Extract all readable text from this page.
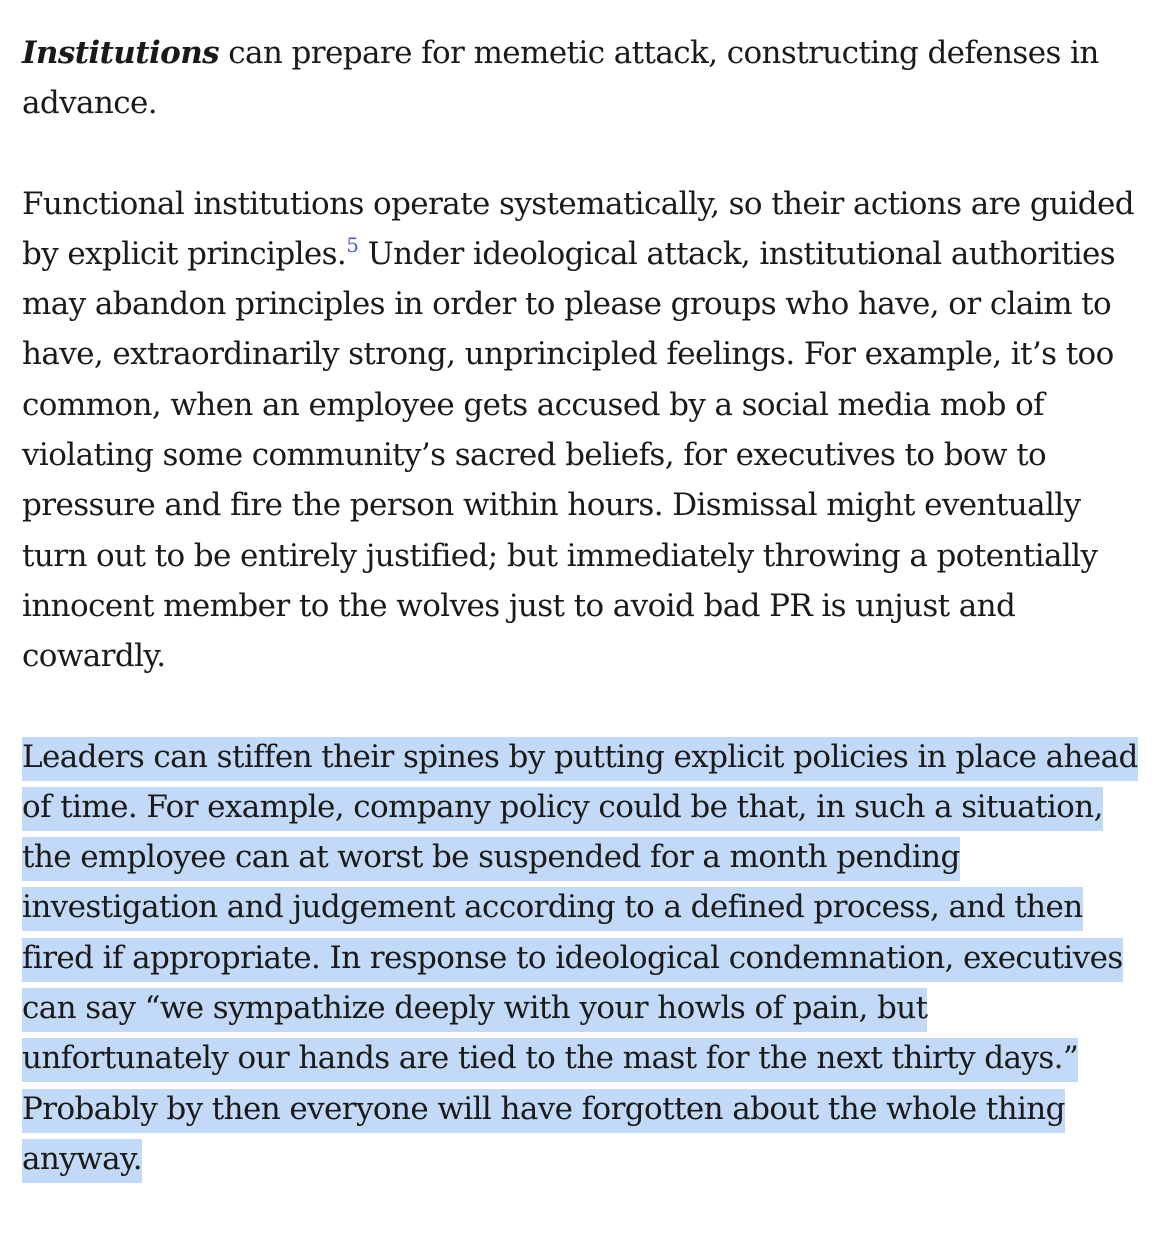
Institutions can prepare for memetic attack, constructing defenses in advance.

Functional institutions operate systematically, so their actions are guided by explicit principles.$^5$ Under ideological attack, institutional authorities may abandon principles in order to please groups who have, or claim to have, extraordinarily strong, unprincipled feelings. For example, it’s too common, when an employee gets accused by a social media mob of violating some community’s sacred beliefs, for executives to bow to pressure and fire the person within hours. Dismissal might eventually turn out to be entirely justified; but immediately throwing a potentially innocent member to the wolves just to avoid bad PR is unjust and cowardly.

Leaders can stiffen their spines by putting explicit policies in place ahead of time. For example, company policy could be that, in such a situation, the employee can at worst be suspended for a month pending investigation and judgement according to a defined process, and then fired if appropriate. In response to ideological condemnation, executives can say “we sympathize deeply with your howls of pain, but unfortunately our hands are tied to the mast for the next thirty days.” Probably by then everyone will have forgotten about the whole thing anyway.
